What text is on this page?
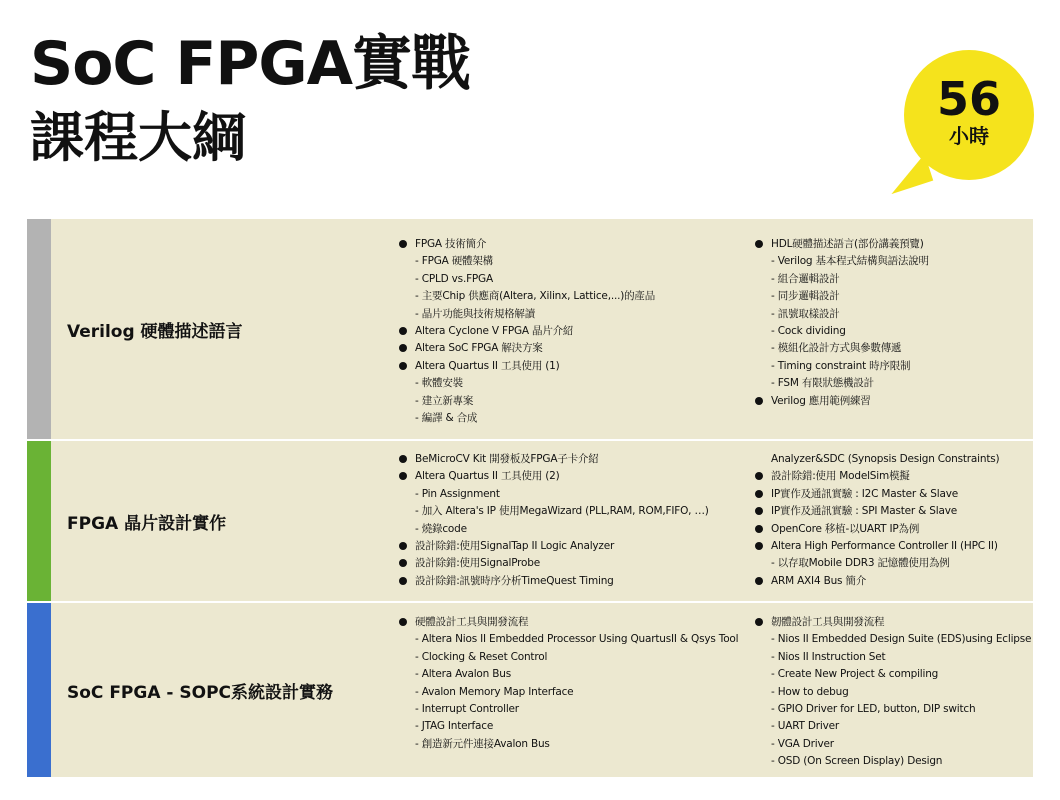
SoC FPGA實戰
課程大綱
56
小時
Verilog 硬體描述語言
FPGA 技術簡介
- FPGA 硬體架構
- CPLD vs.FPGA
- 主要Chip 供應商(Altera, Xilinx, Lattice,...)的產品
- 晶片功能與技術規格解讀
Altera Cyclone V FPGA 晶片介紹
Altera SoC FPGA 解決方案
Altera Quartus II 工具使用 (1)
- 軟體安裝
- 建立新專案
- 編譯 & 合成
HDL硬體描述語言(部份講義預覽)
- Verilog 基本程式結構與語法說明
- 組合邏輯設計
- 同步邏輯設計
- 訊號取樣設計
- Cock dividing
- 模組化設計方式與參數傳遞
- Timing constraint 時序限制
- FSM 有限狀態機設計
Verilog 應用範例練習
FPGA 晶片設計實作
BeMicroCV Kit 開發板及FPGA子卡介紹
Altera Quartus II 工具使用 (2)
- Pin Assignment
- 加入 Altera's IP 使用MegaWizard (PLL,RAM, ROM,FIFO, …)
- 燒錄code
設計除錯:使用SignalTap II Logic Analyzer
設計除錯:使用SignalProbe
設計除錯:訊號時序分析TimeQuest Timing
Analyzer&SDC (Synopsis Design Constraints)
設計除錯:使用 ModelSim模擬
IP實作及通訊實驗 : I2C Master & Slave
IP實作及通訊實驗 : SPI Master & Slave
OpenCore 移植-以UART IP為例
Altera High Performance Controller II (HPC II)
- 以存取Mobile DDR3 記憶體使用為例
ARM AXI4 Bus 簡介
SoC FPGA - SOPC系統設計實務
硬體設計工具與開發流程
- Altera Nios II Embedded Processor Using QuartusII & Qsys Tool
- Clocking & Reset Control
- Altera Avalon Bus
- Avalon Memory Map Interface
- Interrupt Controller
- JTAG Interface
- 創造新元件連接Avalon Bus
韌體設計工具與開發流程
- Nios II Embedded Design Suite (EDS)using Eclipse
- Nios II Instruction Set
- Create New Project & compiling
- How to debug
- GPIO Driver for LED, button, DIP switch
- UART Driver
- VGA Driver
- OSD (On Screen Display) Design
